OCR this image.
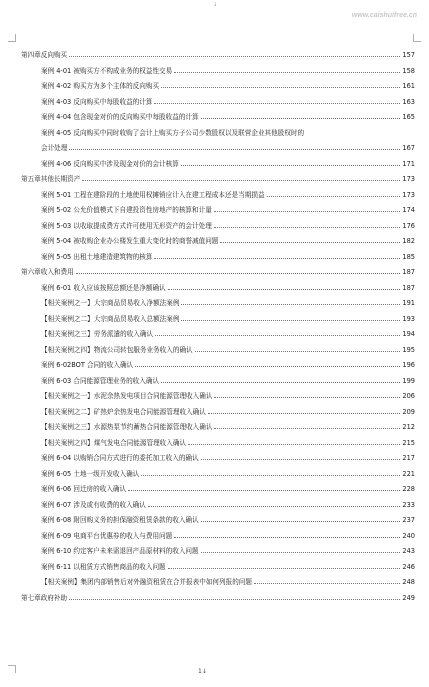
↓
www.caishuifree.cn
第四章反向购买	157
案例 4-01 被购买方不构成业务的权益性交易	158
案例 4-02 购买方为多个主体的反向购买	161
案例 4-03 反向购买中每股收益的计算	163
案例 4-04 包含现金对价的反向购买中每股收益的计算	165
案例 4-05 反向购买中同时收购了会计上购买方子公司少数股权以及联营企业其他股权时的
会计处理	167
案例 4-06 反向购买中涉及现金对价的会计核算	171
第五章其他长期资产	173
案例 5-01 工程在建阶段的土地使用权摊销应计入在建工程成本还是当期损益	173
案例 5-02 公允价值模式下自建投资性房地产的核算和计量	174
案例 5-03 以收取提成费方式许可使用无形资产的会计处理	176
案例 5-04 被收购企业办公楼发生重大变化时的商誉减值问题	182
案例 5-05 出租土地建造建筑物的核算	185
第六章收入和费用	187
案例 6-01 收入应该按照总额还是净额确认	187
【相关案例之一】大宗商品贸易收入净额法案例	191
【相关案例之二】大宗商品贸易收入总额法案例	193
【相关案例之三】劳务派遣的收入确认	194
【相关案例之四】物流公司转包服务业务收入的确认	195
案例 6-02BOT 合同的收入确认	196
案例 6-03 合同能源管理业务的收入确认	199
【相关案例之一】水泥余热发电项目合同能源管理收入确认	206
【相关案例之二】矿热炉余热发电合同能源管理收入确认	209
【相关案例之三】水源热泵节约蓄热合同能源管理收入确认	212
【相关案例之四】煤气发电合同能源管理收入确认	215
案例 6-04 以购销合同方式进行的委托加工收入的确认	217
案例 6-05 土地一级开发收入确认	221
案例 6-06 回迁房的收入确认	228
案例 6-07 涉及或有收费的收入确认	233
案例 6-08 附回购义务的担保融资租赁条款的收入确认	237
案例 6-09 电商平台优惠券的收入与费用问题	240
案例 6-10 约定客户未来需退回产品原材料的收入问题	243
案例 6-11 以租赁方式销售商品的收入问题	246
【相关案例】集团内部销售后对外融资租赁在合并报表中如何列报的问题	248
第七章政府补助	249
1↓
